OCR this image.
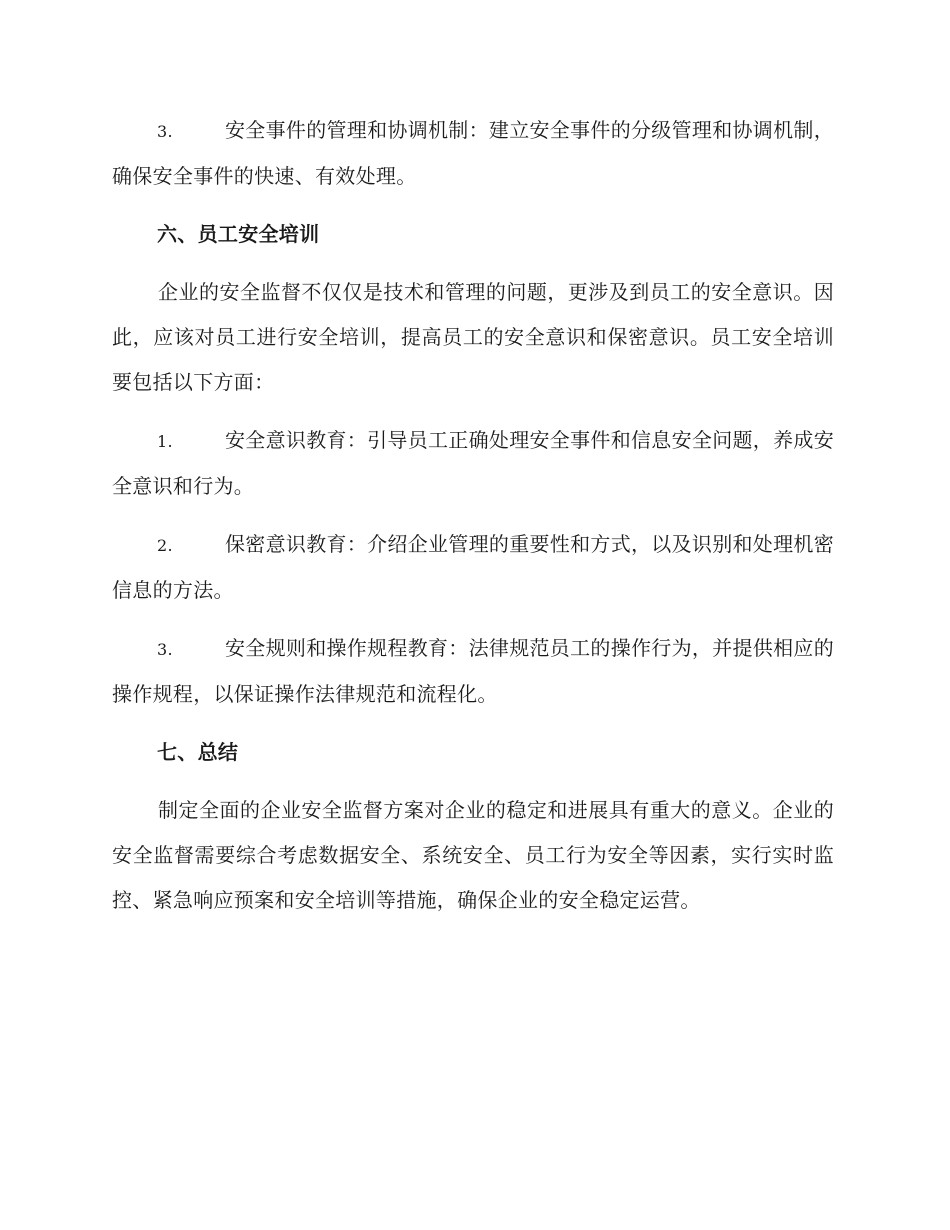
3.	安全事件的管理和协调机制：建立安全事件的分级管理和协调机制，确保安全事件的快速、有效处理。

六、员工安全培训

企业的安全监督不仅仅是技术和管理的问题，更涉及到员工的安全意识。因此，应该对员工进行安全培训，提高员工的安全意识和保密意识。员工安全培训要包括以下方面：

1.	安全意识教育：引导员工正确处理安全事件和信息安全问题，养成安全意识和行为。

2.	保密意识教育：介绍企业管理的重要性和方式，以及识别和处理机密信息的方法。

3.	安全规则和操作规程教育：法律规范员工的操作行为，并提供相应的操作规程，以保证操作法律规范和流程化。

七、总结

制定全面的企业安全监督方案对企业的稳定和进展具有重大的意义。企业的安全监督需要综合考虑数据安全、系统安全、员工行为安全等因素，实行实时监控、紧急响应预案和安全培训等措施，确保企业的安全稳定运营。
